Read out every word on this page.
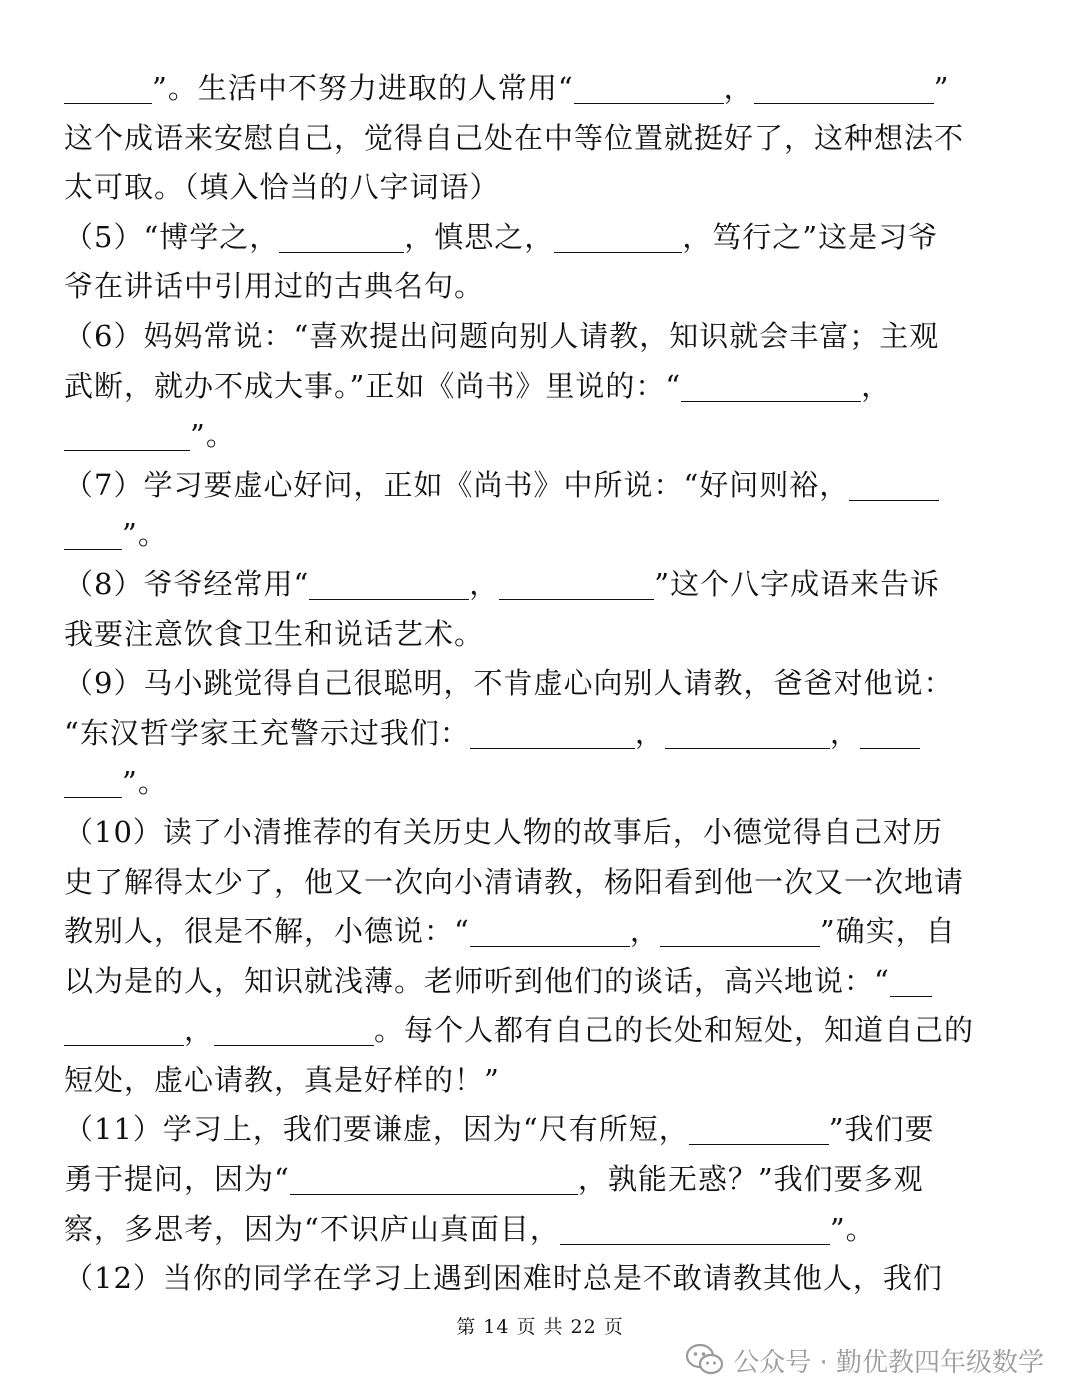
”。生活中不努力进取的人常用“	，	”
这个成语来安慰自己，觉得自己处在中等位置就挺好了，这种想法不
太可取。（填入恰当的八字词语）
（5）“博学之，	，慎思之，	，笃行之”这是习爷
爷在讲话中引用过的古典名句。
（6）妈妈常说：“喜欢提出问题向别人请教，知识就会丰富；主观
武断，就办不成大事。”正如《尚书》里说的：“	，
”。
（7）学习要虚心好问，正如《尚书》中所说：“好问则裕，
”。
（8）爷爷经常用“	，	”这个八字成语来告诉
我要注意饮食卫生和说话艺术。
（9）马小跳觉得自己很聪明，不肯虚心向别人请教，爸爸对他说：
“东汉哲学家王充警示过我们：	，	，
”。
（10）读了小清推荐的有关历史人物的故事后，小德觉得自己对历
史了解得太少了，他又一次向小清请教，杨阳看到他一次又一次地请
教别人，很是不解，小德说：“	，	”确实，自
以为是的人，知识就浅薄。老师听到他们的谈话，高兴地说：“
，	。每个人都有自己的长处和短处，知道自己的
短处，虚心请教，真是好样的！”
（11）学习上，我们要谦虚，因为“尺有所短，	”我们要
勇于提问，因为“	，孰能无惑？”我们要多观
察，多思考，因为“不识庐山真面目，	”。
（12）当你的同学在学习上遇到困难时总是不敢请教其他人，我们
第 14 页 共 22 页
公众号 · 勤优教四年级数学
